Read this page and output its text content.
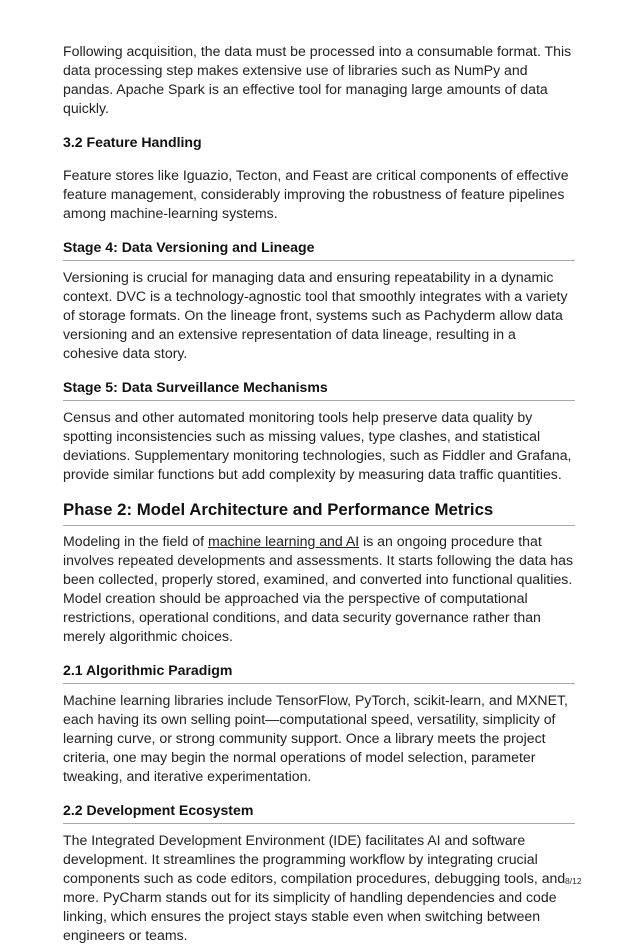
Following acquisition, the data must be processed into a consumable format. This data processing step makes extensive use of libraries such as NumPy and pandas. Apache Spark is an effective tool for managing large amounts of data quickly.

3.2 Feature Handling

Feature stores like Iguazio, Tecton, and Feast are critical components of effective feature management, considerably improving the robustness of feature pipelines among machine-learning systems.

Stage 4: Data Versioning and Lineage

Versioning is crucial for managing data and ensuring repeatability in a dynamic context. DVC is a technology-agnostic tool that smoothly integrates with a variety of storage formats. On the lineage front, systems such as Pachyderm allow data versioning and an extensive representation of data lineage, resulting in a cohesive data story.

Stage 5: Data Surveillance Mechanisms

Census and other automated monitoring tools help preserve data quality by spotting inconsistencies such as missing values, type clashes, and statistical deviations. Supplementary monitoring technologies, such as Fiddler and Grafana, provide similar functions but add complexity by measuring data traffic quantities.

Phase 2: Model Architecture and Performance Metrics

Modeling in the field of machine learning and AI is an ongoing procedure that involves repeated developments and assessments. It starts following the data has been collected, properly stored, examined, and converted into functional qualities. Model creation should be approached via the perspective of computational restrictions, operational conditions, and data security governance rather than merely algorithmic choices.

2.1 Algorithmic Paradigm

Machine learning libraries include TensorFlow, PyTorch, scikit-learn, and MXNET, each having its own selling point—computational speed, versatility, simplicity of learning curve, or strong community support. Once a library meets the project criteria, one may begin the normal operations of model selection, parameter tweaking, and iterative experimentation.

2.2 Development Ecosystem

The Integrated Development Environment (IDE) facilitates AI and software development. It streamlines the programming workflow by integrating crucial components such as code editors, compilation procedures, debugging tools, and more. PyCharm stands out for its simplicity of handling dependencies and code linking, which ensures the project stays stable even when switching between engineers or teams.

8/12
